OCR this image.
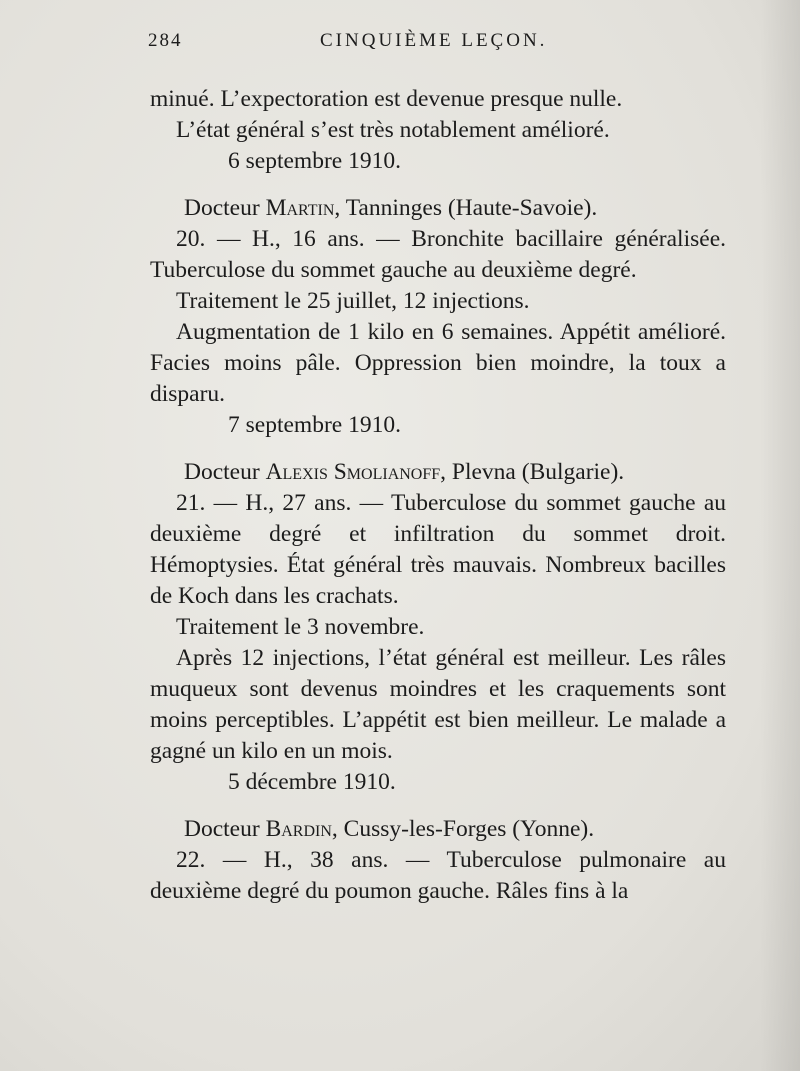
284	CINQUIÈME LEÇON.

minué. L’expectoration est devenue presque nulle.

L’état général s’est très notablement amélioré.

6 septembre 1910.

Docteur Martin, Tanninges (Haute-Savoie).

20. — H., 16 ans. — Bronchite bacillaire généralisée. Tuberculose du sommet gauche au deuxième degré.

Traitement le 25 juillet, 12 injections.

Augmentation de 1 kilo en 6 semaines. Appétit amélioré. Facies moins pâle. Oppression bien moindre, la toux a disparu.

7 septembre 1910.

Docteur Alexis Smolianoff, Plevna (Bulgarie).

21. — H., 27 ans. — Tuberculose du sommet gauche au deuxième degré et infiltration du sommet droit. Hémoptysies. État général très mauvais. Nombreux bacilles de Koch dans les crachats.

Traitement le 3 novembre.

Après 12 injections, l’état général est meilleur. Les râles muqueux sont devenus moindres et les craquements sont moins perceptibles. L’appétit est bien meilleur. Le malade a gagné un kilo en un mois.

5 décembre 1910.

Docteur Bardin, Cussy-les-Forges (Yonne).

22. — H., 38 ans. — Tuberculose pulmonaire au deuxième degré du poumon gauche. Râles fins à la
